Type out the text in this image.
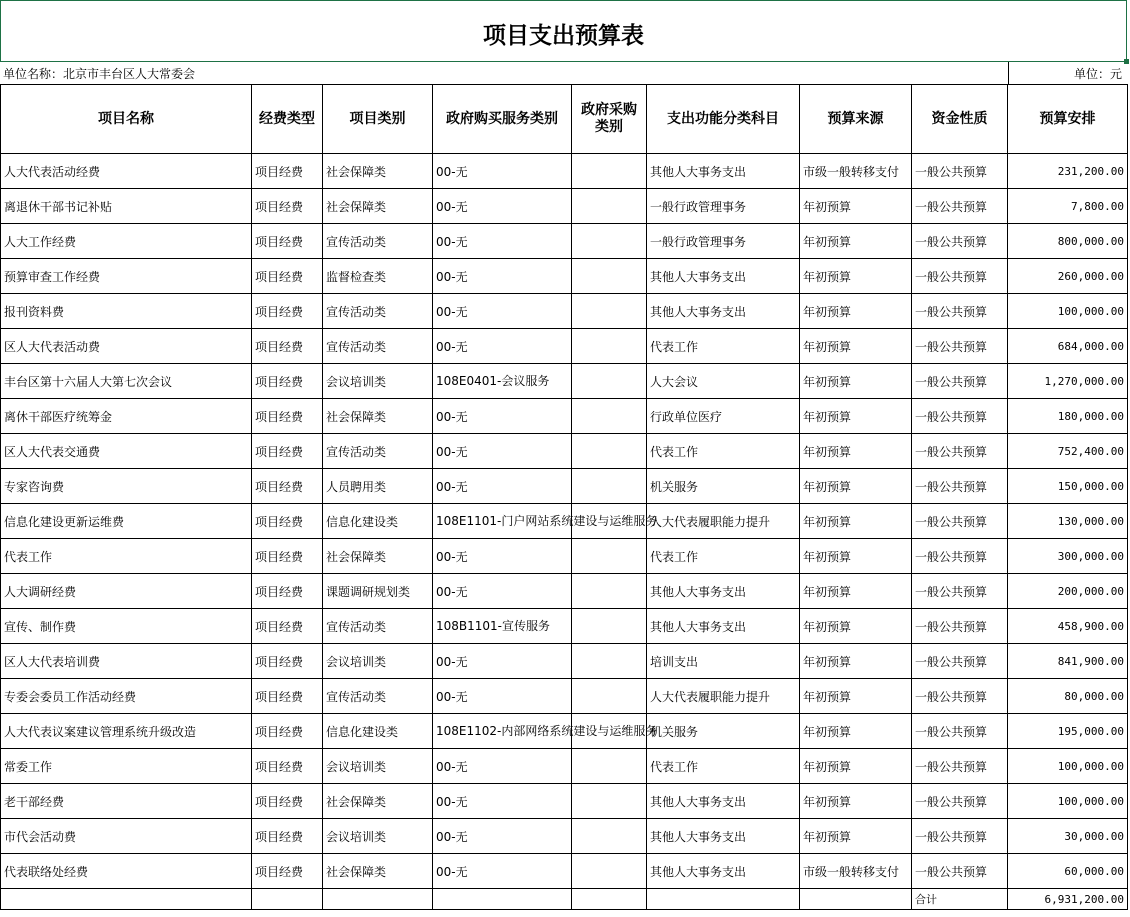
项目支出预算表
单位名称：北京市丰台区人大常委会	单位：元
项目名称	经费类型	项目类别	政府购买服务类别	政府采购类别	支出功能分类科目	预算来源	资金性质	预算安排
人大代表活动经费	项目经费	社会保障类	00-无		其他人大事务支出	市级一般转移支付	一般公共预算	231,200.00
离退休干部书记补贴	项目经费	社会保障类	00-无		一般行政管理事务	年初预算	一般公共预算	7,800.00
人大工作经费	项目经费	宣传活动类	00-无		一般行政管理事务	年初预算	一般公共预算	800,000.00
预算审查工作经费	项目经费	监督检查类	00-无		其他人大事务支出	年初预算	一般公共预算	260,000.00
报刊资料费	项目经费	宣传活动类	00-无		其他人大事务支出	年初预算	一般公共预算	100,000.00
区人大代表活动费	项目经费	宣传活动类	00-无		代表工作	年初预算	一般公共预算	684,000.00
丰台区第十六届人大第七次会议	项目经费	会议培训类	108E0401-会议服务		人大会议	年初预算	一般公共预算	1,270,000.00
离休干部医疗统筹金	项目经费	社会保障类	00-无		行政单位医疗	年初预算	一般公共预算	180,000.00
区人大代表交通费	项目经费	宣传活动类	00-无		代表工作	年初预算	一般公共预算	752,400.00
专家咨询费	项目经费	人员聘用类	00-无		机关服务	年初预算	一般公共预算	150,000.00
信息化建设更新运维费	项目经费	信息化建设类	108E1101-门户网站系统建设与运维服务		人大代表履职能力提升	年初预算	一般公共预算	130,000.00
代表工作	项目经费	社会保障类	00-无		代表工作	年初预算	一般公共预算	300,000.00
人大调研经费	项目经费	课题调研规划类	00-无		其他人大事务支出	年初预算	一般公共预算	200,000.00
宣传、制作费	项目经费	宣传活动类	108B1101-宣传服务		其他人大事务支出	年初预算	一般公共预算	458,900.00
区人大代表培训费	项目经费	会议培训类	00-无		培训支出	年初预算	一般公共预算	841,900.00
专委会委员工作活动经费	项目经费	宣传活动类	00-无		人大代表履职能力提升	年初预算	一般公共预算	80,000.00
人大代表议案建议管理系统升级改造	项目经费	信息化建设类	108E1102-内部网络系统建设与运维服务		机关服务	年初预算	一般公共预算	195,000.00
常委工作	项目经费	会议培训类	00-无		代表工作	年初预算	一般公共预算	100,000.00
老干部经费	项目经费	社会保障类	00-无		其他人大事务支出	年初预算	一般公共预算	100,000.00
市代会活动费	项目经费	会议培训类	00-无		其他人大事务支出	年初预算	一般公共预算	30,000.00
代表联络处经费	项目经费	社会保障类	00-无		其他人大事务支出	市级一般转移支付	一般公共预算	60,000.00
							合计	6,931,200.00
